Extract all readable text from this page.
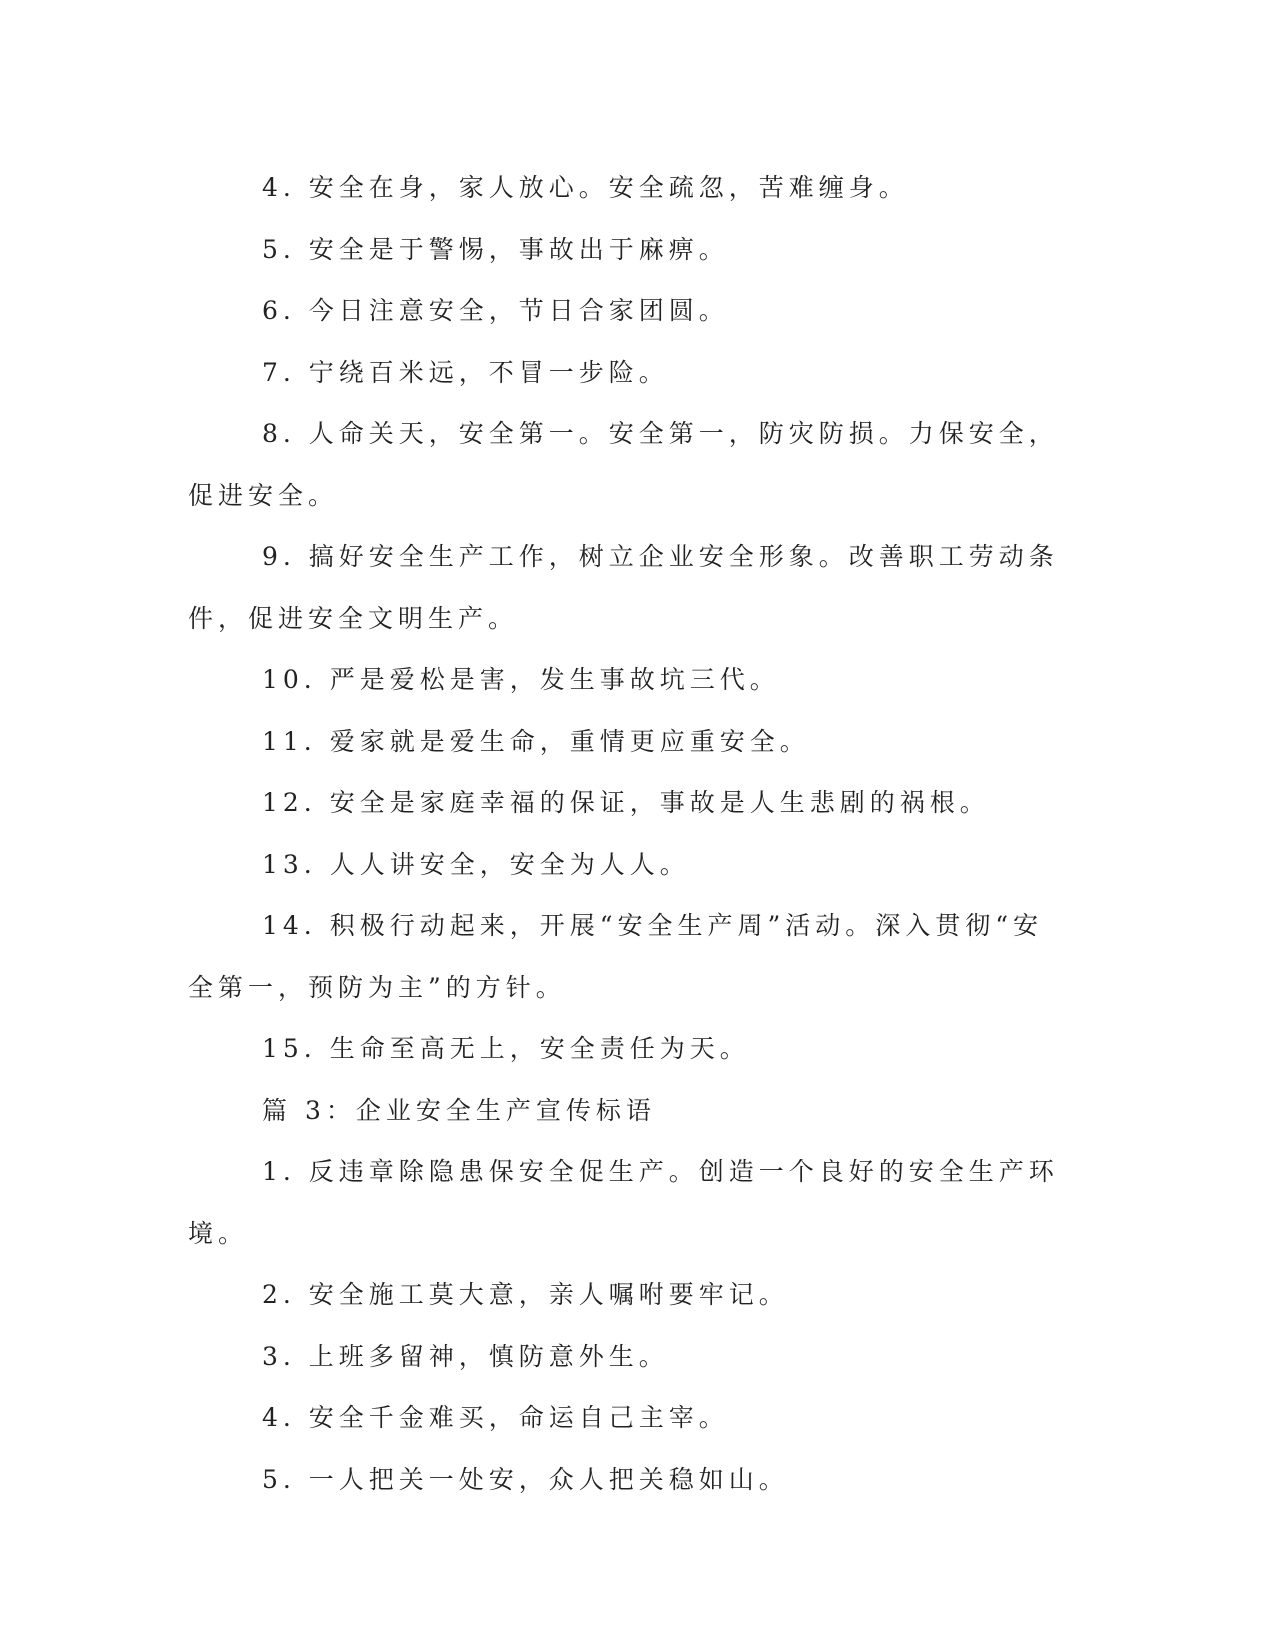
4. 安全在身，家人放心。安全疏忽，苦难缠身。

5. 安全是于警惕，事故出于麻痹。

6. 今日注意安全，节日合家团圆。

7. 宁绕百米远，不冒一步险。

8. 人命关天，安全第一。安全第一，防灾防损。力保安全，促进安全。

9. 搞好安全生产工作，树立企业安全形象。改善职工劳动条件，促进安全文明生产。

10. 严是爱松是害，发生事故坑三代。

11. 爱家就是爱生命，重情更应重安全。

12. 安全是家庭幸福的保证，事故是人生悲剧的祸根。

13. 人人讲安全，安全为人人。

14. 积极行动起来，开展“安全生产周”活动。深入贯彻“安全第一，预防为主”的方针。

15. 生命至高无上，安全责任为天。

篇 3：企业安全生产宣传标语

1. 反违章除隐患保安全促生产。创造一个良好的安全生产环境。

2. 安全施工莫大意，亲人嘱咐要牢记。

3. 上班多留神，慎防意外生。

4. 安全千金难买，命运自己主宰。

5. 一人把关一处安，众人把关稳如山。
